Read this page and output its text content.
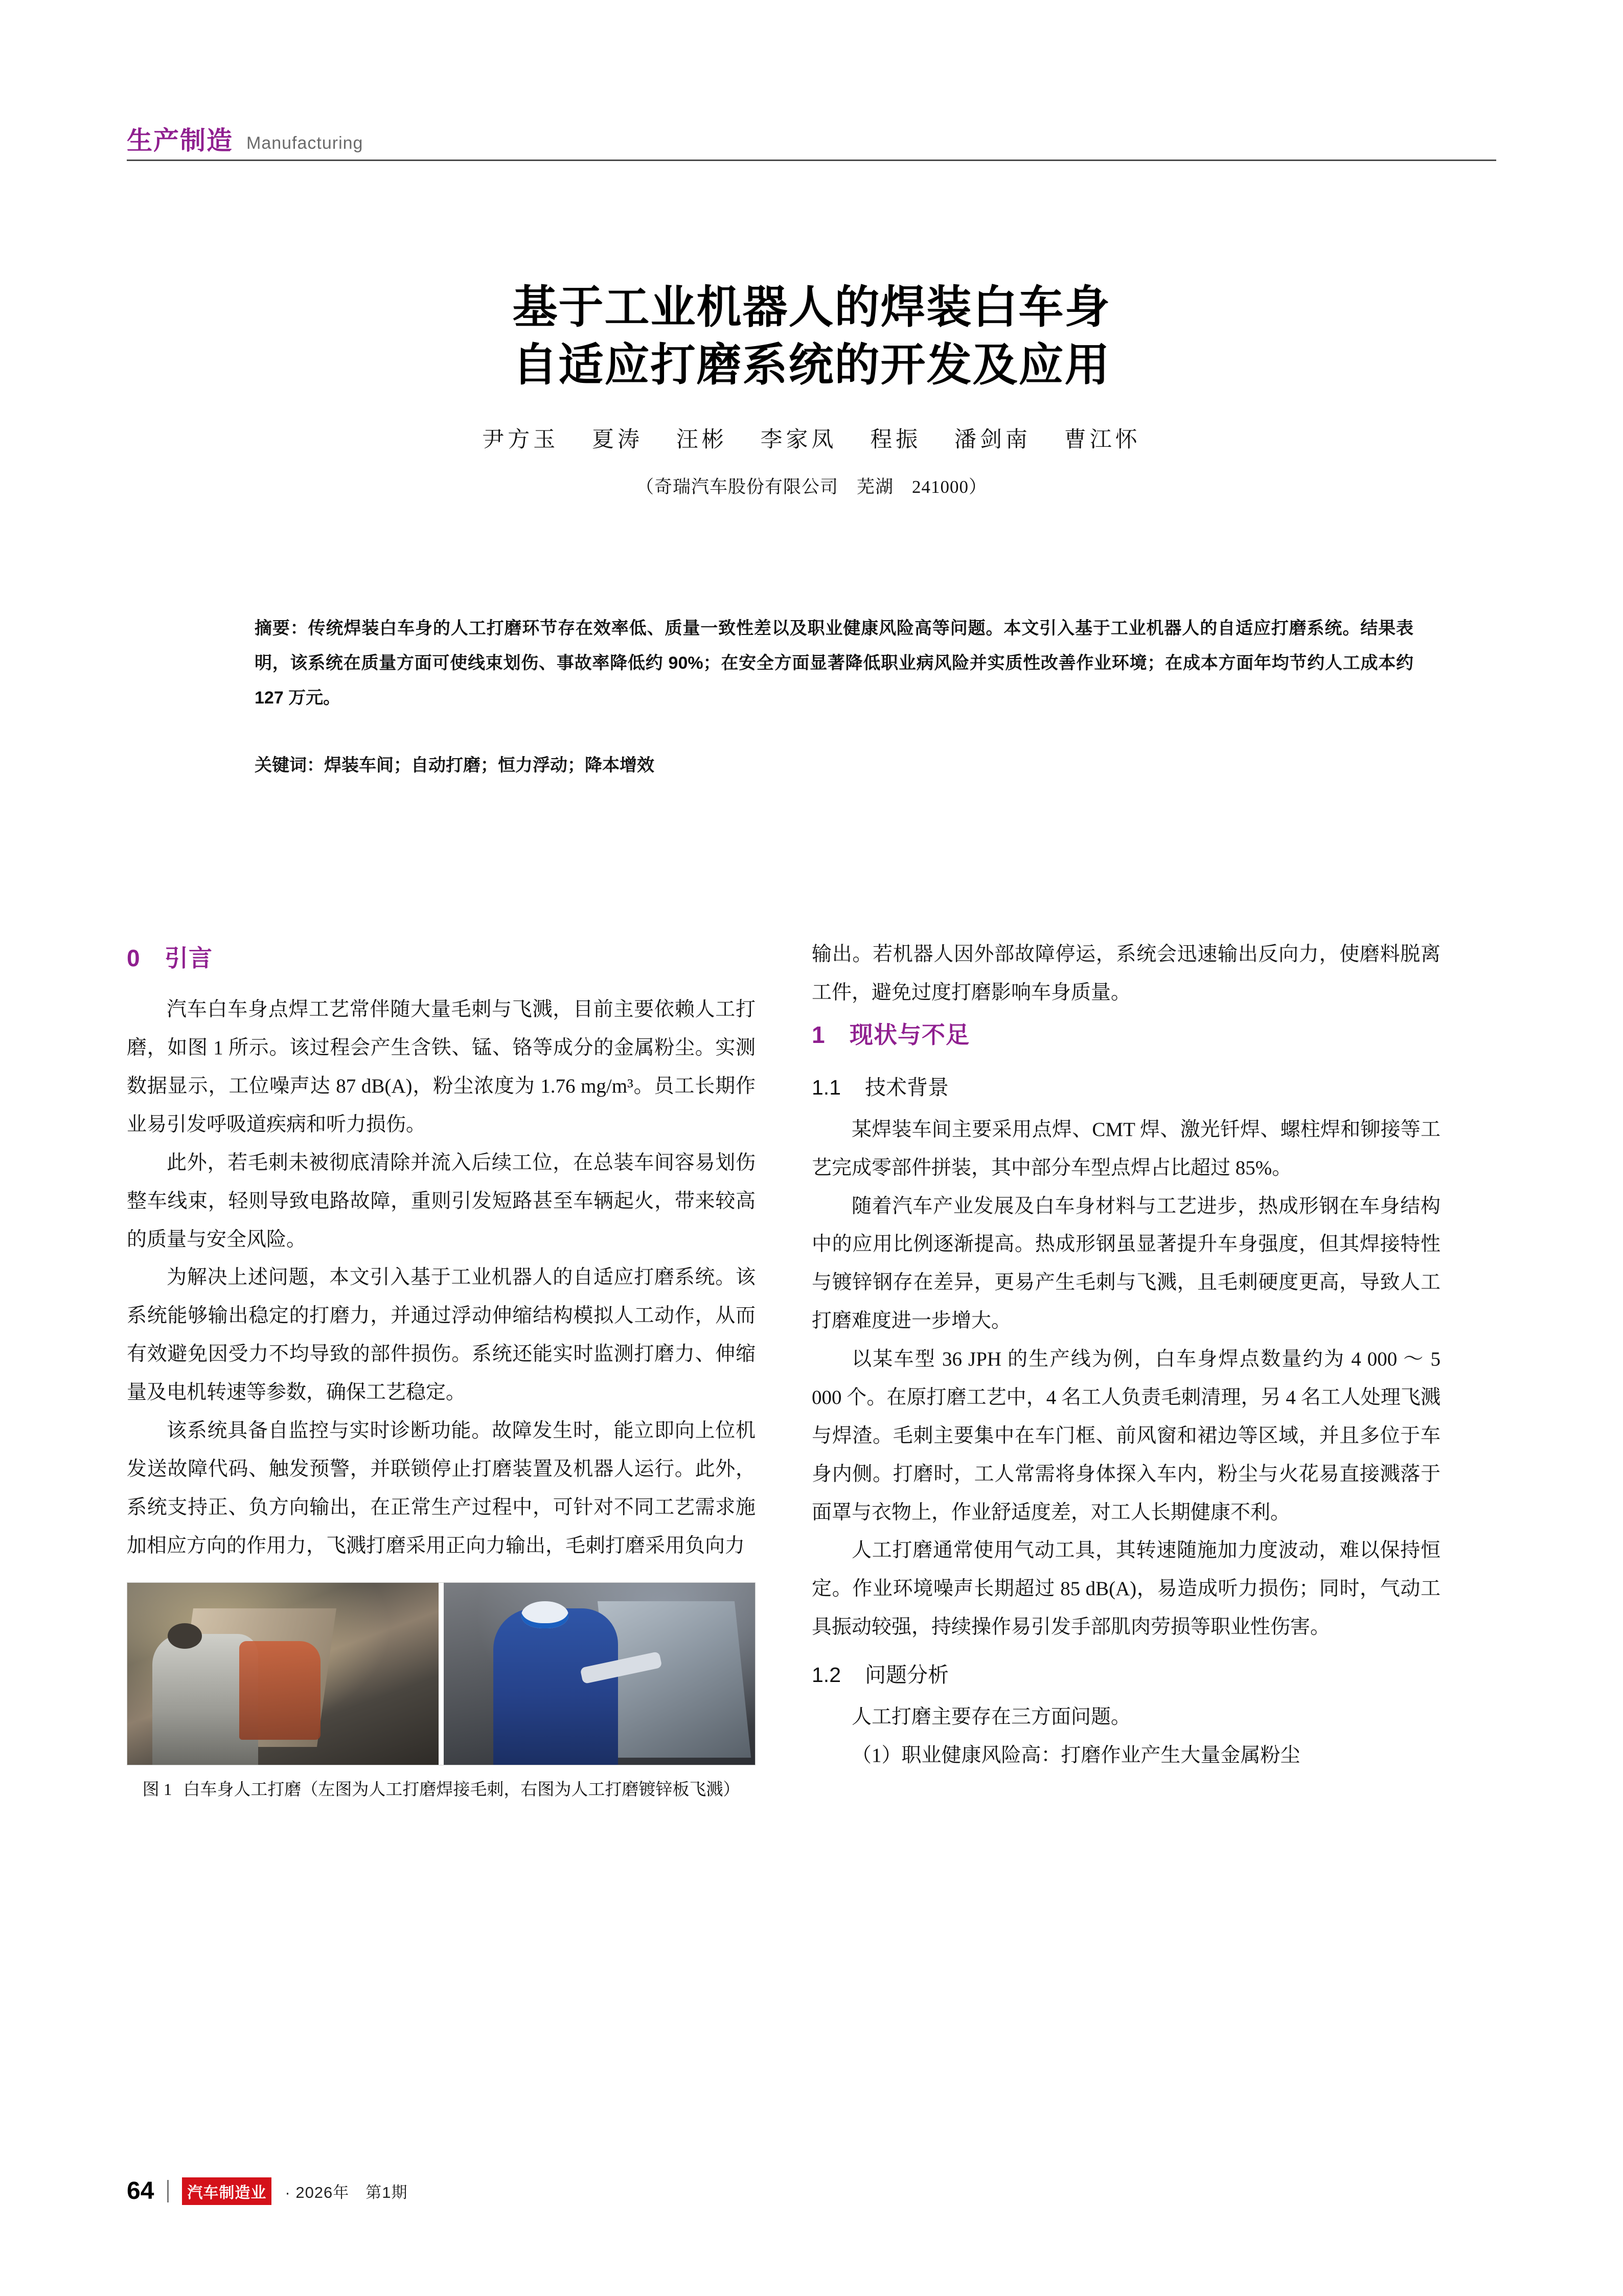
生产制造 Manufacturing
基于工业机器人的焊装白车身
自适应打磨系统的开发及应用
尹方玉 夏涛 汪彬 李家凤 程振 潘剑南 曹江怀
（奇瑞汽车股份有限公司　芜湖　241000）
摘要：传统焊装白车身的人工打磨环节存在效率低、质量一致性差以及职业健康风险高等问题。本文引入基于工业机器人的自适应打磨系统。结果表明，该系统在质量方面可使线束划伤、事故率降低约 90%；在安全方面显著降低职业病风险并实质性改善作业环境；在成本方面年均节约人工成本约 127 万元。
关键词：焊装车间；自动打磨；恒力浮动；降本增效
0 引言

汽车白车身点焊工艺常伴随大量毛刺与飞溅，目前主要依赖人工打磨，如图 1 所示。该过程会产生含铁、锰、铬等成分的金属粉尘。实测数据显示，工位噪声达 87 dB(A)，粉尘浓度为 1.76 mg/m³。员工长期作业易引发呼吸道疾病和听力损伤。

此外，若毛刺未被彻底清除并流入后续工位，在总装车间容易划伤整车线束，轻则导致电路故障，重则引发短路甚至车辆起火，带来较高的质量与安全风险。

为解决上述问题，本文引入基于工业机器人的自适应打磨系统。该系统能够输出稳定的打磨力，并通过浮动伸缩结构模拟人工动作，从而有效避免因受力不均导致的部件损伤。系统还能实时监测打磨力、伸缩量及电机转速等参数，确保工艺稳定。

该系统具备自监控与实时诊断功能。故障发生时，能立即向上位机发送故障代码、触发预警，并联锁停止打磨装置及机器人运行。此外，系统支持正、负方向输出，在正常生产过程中，可针对不同工艺需求施加相应方向的作用力，飞溅打磨采用正向力输出，毛刺打磨采用负向力

图 1 白车身人工打磨（左图为人工打磨焊接毛刺，右图为人工打磨镀锌板飞溅）

输出。若机器人因外部故障停运，系统会迅速输出反向力，使磨料脱离工件，避免过度打磨影响车身质量。

1 现状与不足
1.1 技术背景

某焊装车间主要采用点焊、CMT 焊、激光钎焊、螺柱焊和铆接等工艺完成零部件拼装，其中部分车型点焊占比超过 85%。

随着汽车产业发展及白车身材料与工艺进步，热成形钢在车身结构中的应用比例逐渐提高。热成形钢虽显著提升车身强度，但其焊接特性与镀锌钢存在差异，更易产生毛刺与飞溅，且毛刺硬度更高，导致人工打磨难度进一步增大。

以某车型 36 JPH 的生产线为例，白车身焊点数量约为 4 000 ～ 5 000 个。在原打磨工艺中，4 名工人负责毛刺清理，另 4 名工人处理飞溅与焊渣。毛刺主要集中在车门框、前风窗和裙边等区域，并且多位于车身内侧。打磨时，工人常需将身体探入车内，粉尘与火花易直接溅落于面罩与衣物上，作业舒适度差，对工人长期健康不利。

人工打磨通常使用气动工具，其转速随施加力度波动，难以保持恒定。作业环境噪声长期超过 85 dB(A)，易造成听力损伤；同时，气动工具振动较强，持续操作易引发手部肌肉劳损等职业性伤害。

1.2 问题分析

人工打磨主要存在三方面问题。

（1）职业健康风险高：打磨作业产生大量金属粉尘

64	汽车制造业	· 2026年　第1期
